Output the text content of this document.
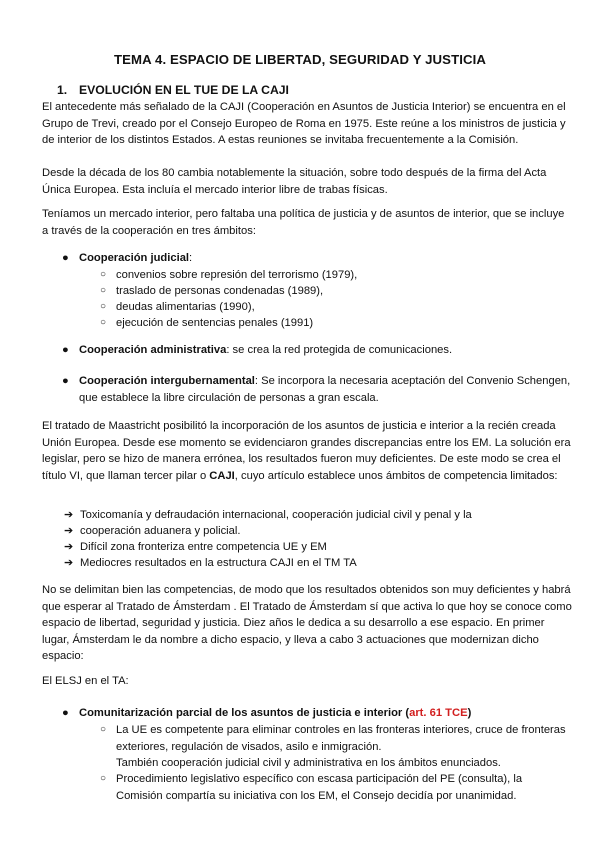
TEMA 4. ESPACIO DE LIBERTAD, SEGURIDAD Y JUSTICIA
1. EVOLUCIÓN EN EL TUE DE LA CAJI
El antecedente más señalado de la CAJI (Cooperación en Asuntos de Justicia Interior) se encuentra en el Grupo de Trevi, creado por el Consejo Europeo de Roma en 1975. Este reúne a los ministros de justicia y de interior de los distintos Estados. A estas reuniones se invitaba frecuentemente a la Comisión.
Desde la década de los 80 cambia notablemente la situación, sobre todo después de la firma del Acta Única Europea. Esta incluía el mercado interior libre de trabas físicas.
Teníamos un mercado interior, pero faltaba una política de justicia y de asuntos de interior, que se incluye a través de la cooperación en tres ámbitos:
● Cooperación judicial:
○ convenios sobre represión del terrorismo (1979),
○ traslado de personas condenadas (1989),
○ deudas alimentarias (1990),
○ ejecución de sentencias penales (1991)
● Cooperación administrativa: se crea la red protegida de comunicaciones.
● Cooperación intergubernamental: Se incorpora la necesaria aceptación del Convenio Schengen, que establece la libre circulación de personas a gran escala.
El tratado de Maastricht posibilitó la incorporación de los asuntos de justicia e interior a la recién creada Unión Europea. Desde ese momento se evidenciaron grandes discrepancias entre los EM. La solución era legislar, pero se hizo de manera errónea, los resultados fueron muy deficientes. De este modo se crea el título VI, que llaman tercer pilar o CAJI, cuyo artículo establece unos ámbitos de competencia limitados:
➔ Toxicomanía y defraudación internacional, cooperación judicial civil y penal y la
➔ cooperación aduanera y policial.
➔ Difícil zona fronteriza entre competencia UE y EM
➔ Mediocres resultados en la estructura CAJI en el TM TA
No se delimitan bien las competencias, de modo que los resultados obtenidos son muy deficientes y habrá que esperar al Tratado de Ámsterdam . El Tratado de Ámsterdam sí que activa lo que hoy se conoce como espacio de libertad, seguridad y justicia. Diez años le dedica a su desarrollo a ese espacio. En primer lugar, Ámsterdam le da nombre a dicho espacio, y lleva a cabo 3 actuaciones que modernizan dicho espacio:
El ELSJ en el TA:
● Comunitarización parcial de los asuntos de justicia e interior (art. 61 TCE)
○ La UE es competente para eliminar controles en las fronteras interiores, cruce de fronteras exteriores, regulación de visados, asilo e inmigración.
También cooperación judicial civil y administrativa en los ámbitos enunciados.
○ Procedimiento legislativo específico con escasa participación del PE (consulta), la Comisión compartía su iniciativa con los EM, el Consejo decidía por unanimidad.
